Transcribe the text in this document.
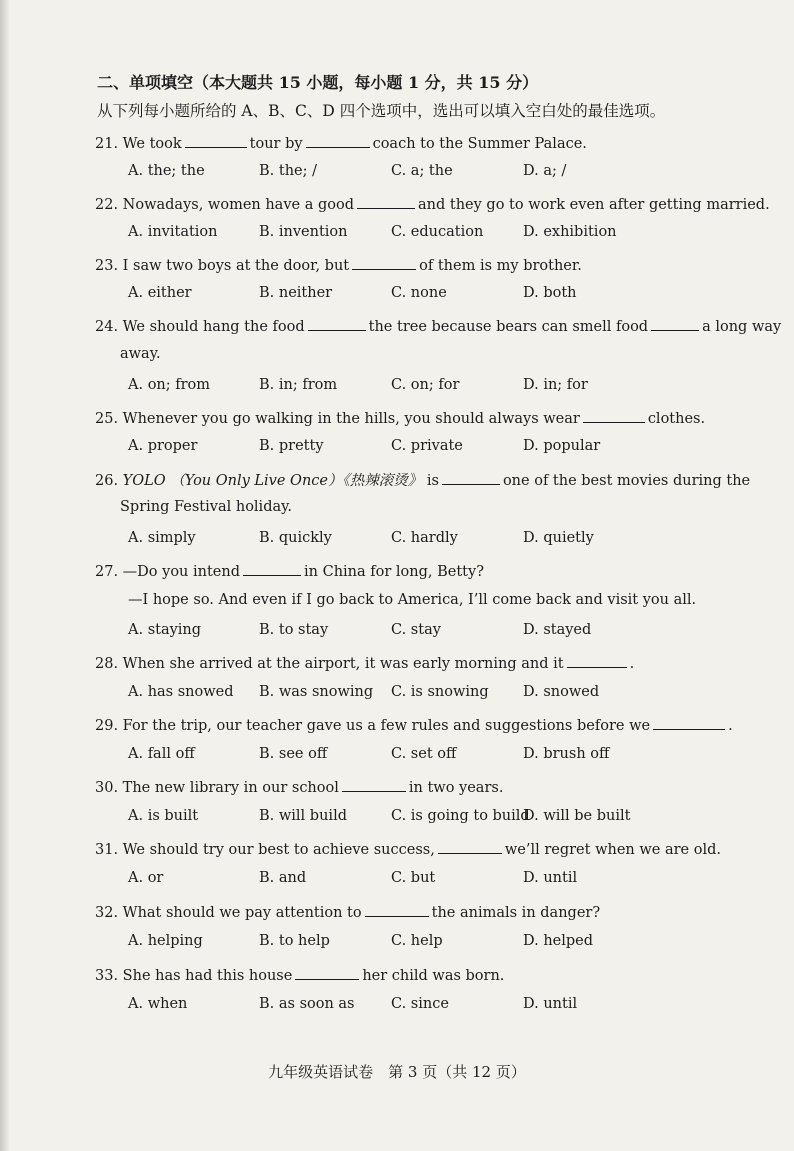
二、单项填空（本大题共 15 小题，每小题 1 分，共 15 分）
从下列每小题所给的 A、B、C、D 四个选项中，选出可以填入空白处的最佳选项。
21. We took	tour by	coach to the Summer Palace.
A. the; the	B. the; /	C. a; the	D. a; /
22. Nowadays, women have a good	and they go to work even after getting married.
A. invitation	B. invention	C. education	D. exhibition
23. I saw two boys at the door, but	of them is my brother.
A. either	B. neither	C. none	D. both
24. We should hang the food	the tree because bears can smell food	a long way
away.
A. on; from	B. in; from	C. on; for	D. in; for
25. Whenever you go walking in the hills, you should always wear	clothes.
A. proper	B. pretty	C. private	D. popular
26. YOLO （You Only Live Once）《热辣滚烫》 is	one of the best movies during the
Spring Festival holiday.
A. simply	B. quickly	C. hardly	D. quietly
27. —Do you intend	in China for long, Betty?
—I hope so. And even if I go back to America, I’ll come back and visit you all.
A. staying	B. to stay	C. stay	D. stayed
28. When she arrived at the airport, it was early morning and it	.
A. has snowed B. was snowing C. is snowing D. snowed
29. For the trip, our teacher gave us a few rules and suggestions before we	.
A. fall off	B. see off	C. set off	D. brush off
30. The new library in our school	in two years.
A. is built	B. will build	C. is going to build
D. will be built
31. We should try our best to achieve success,	we’ll regret when we are old.
A. or	B. and	C. but	D. until
32. What should we pay attention to	the animals in danger?
A. helping	B. to help	C. help	D. helped
33. She has had this house	her child was born.
A. when	B. as soon as	C. since	D. until
九年级英语试卷　第 3 页（共 12 页）
